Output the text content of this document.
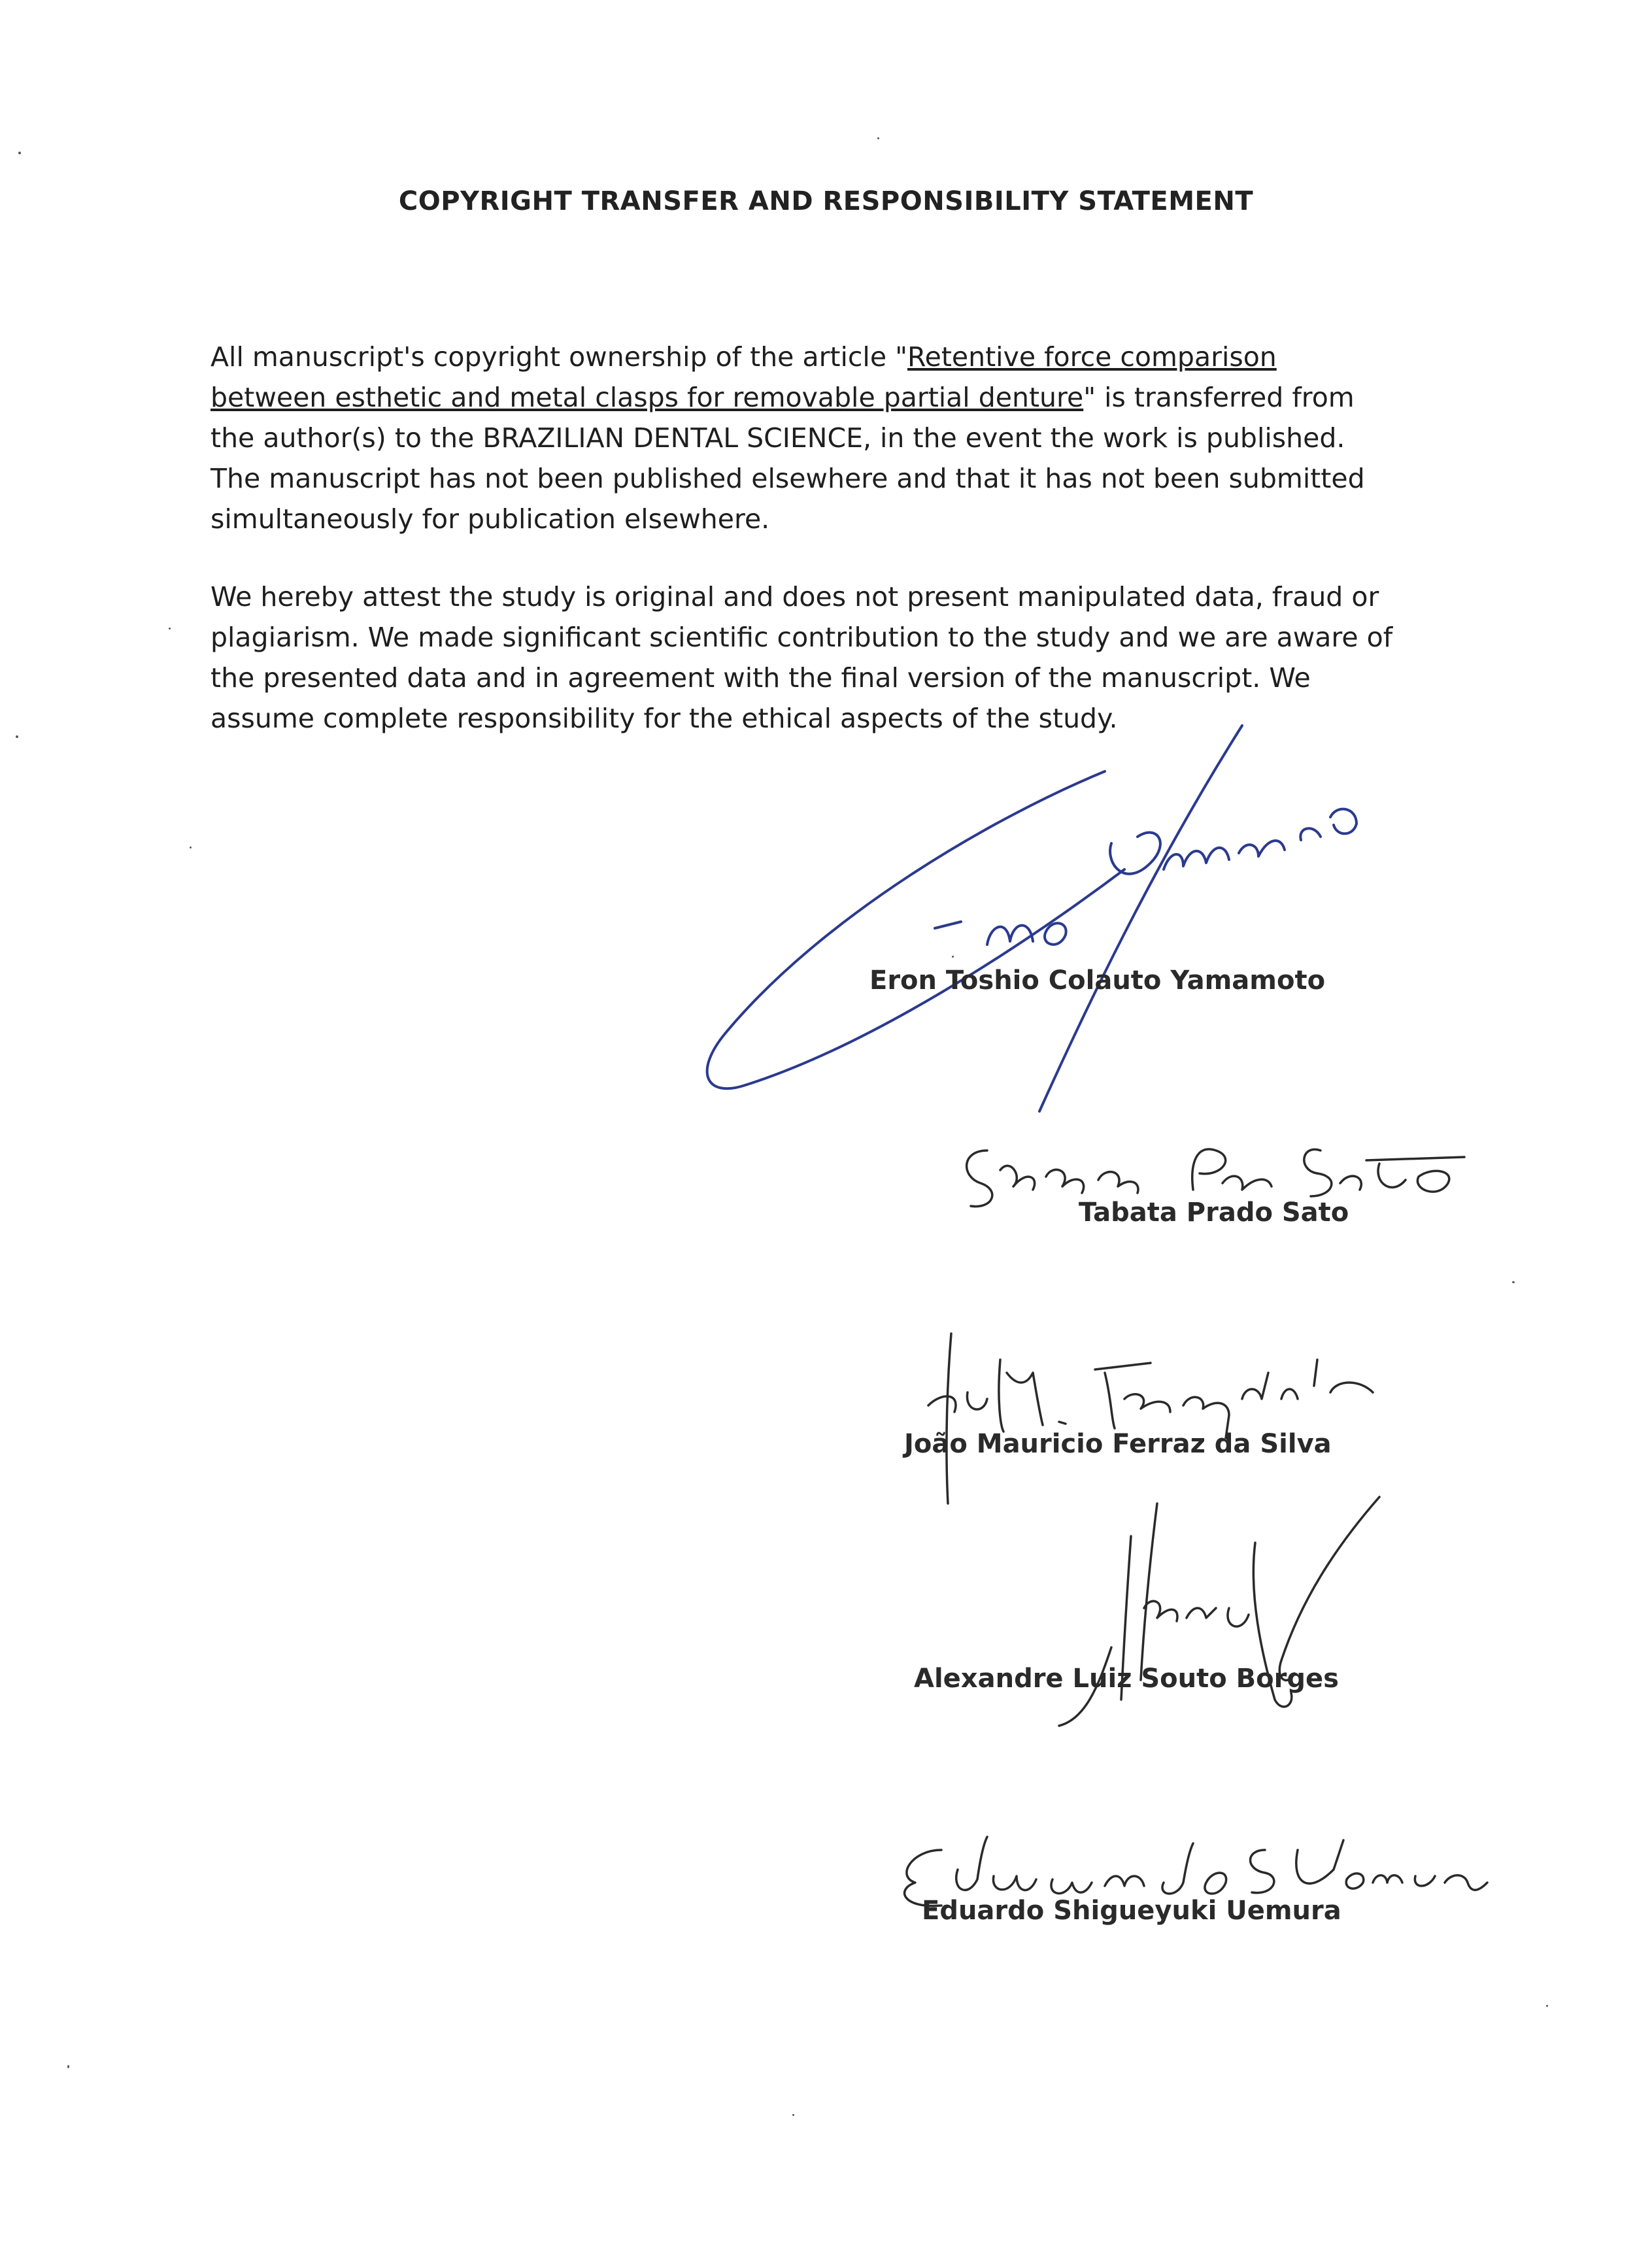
COPYRIGHT TRANSFER AND RESPONSIBILITY STATEMENT

All manuscript's copyright ownership of the article "Retentive force comparison between esthetic and metal clasps for removable partial denture" is transferred from the author(s) to the BRAZILIAN DENTAL SCIENCE, in the event the work is published. The manuscript has not been published elsewhere and that it has not been submitted simultaneously for publication elsewhere.

We hereby attest the study is original and does not present manipulated data, fraud or plagiarism. We made significant scientific contribution to the study and we are aware of the presented data and in agreement with the final version of the manuscript. We assume complete responsibility for the ethical aspects of the study.

Eron Toshio Colauto Yamamoto
Tabata Prado Sato
João Mauricio Ferraz da Silva
Alexandre Luiz Souto Borges
Eduardo Shigueyuki Uemura
